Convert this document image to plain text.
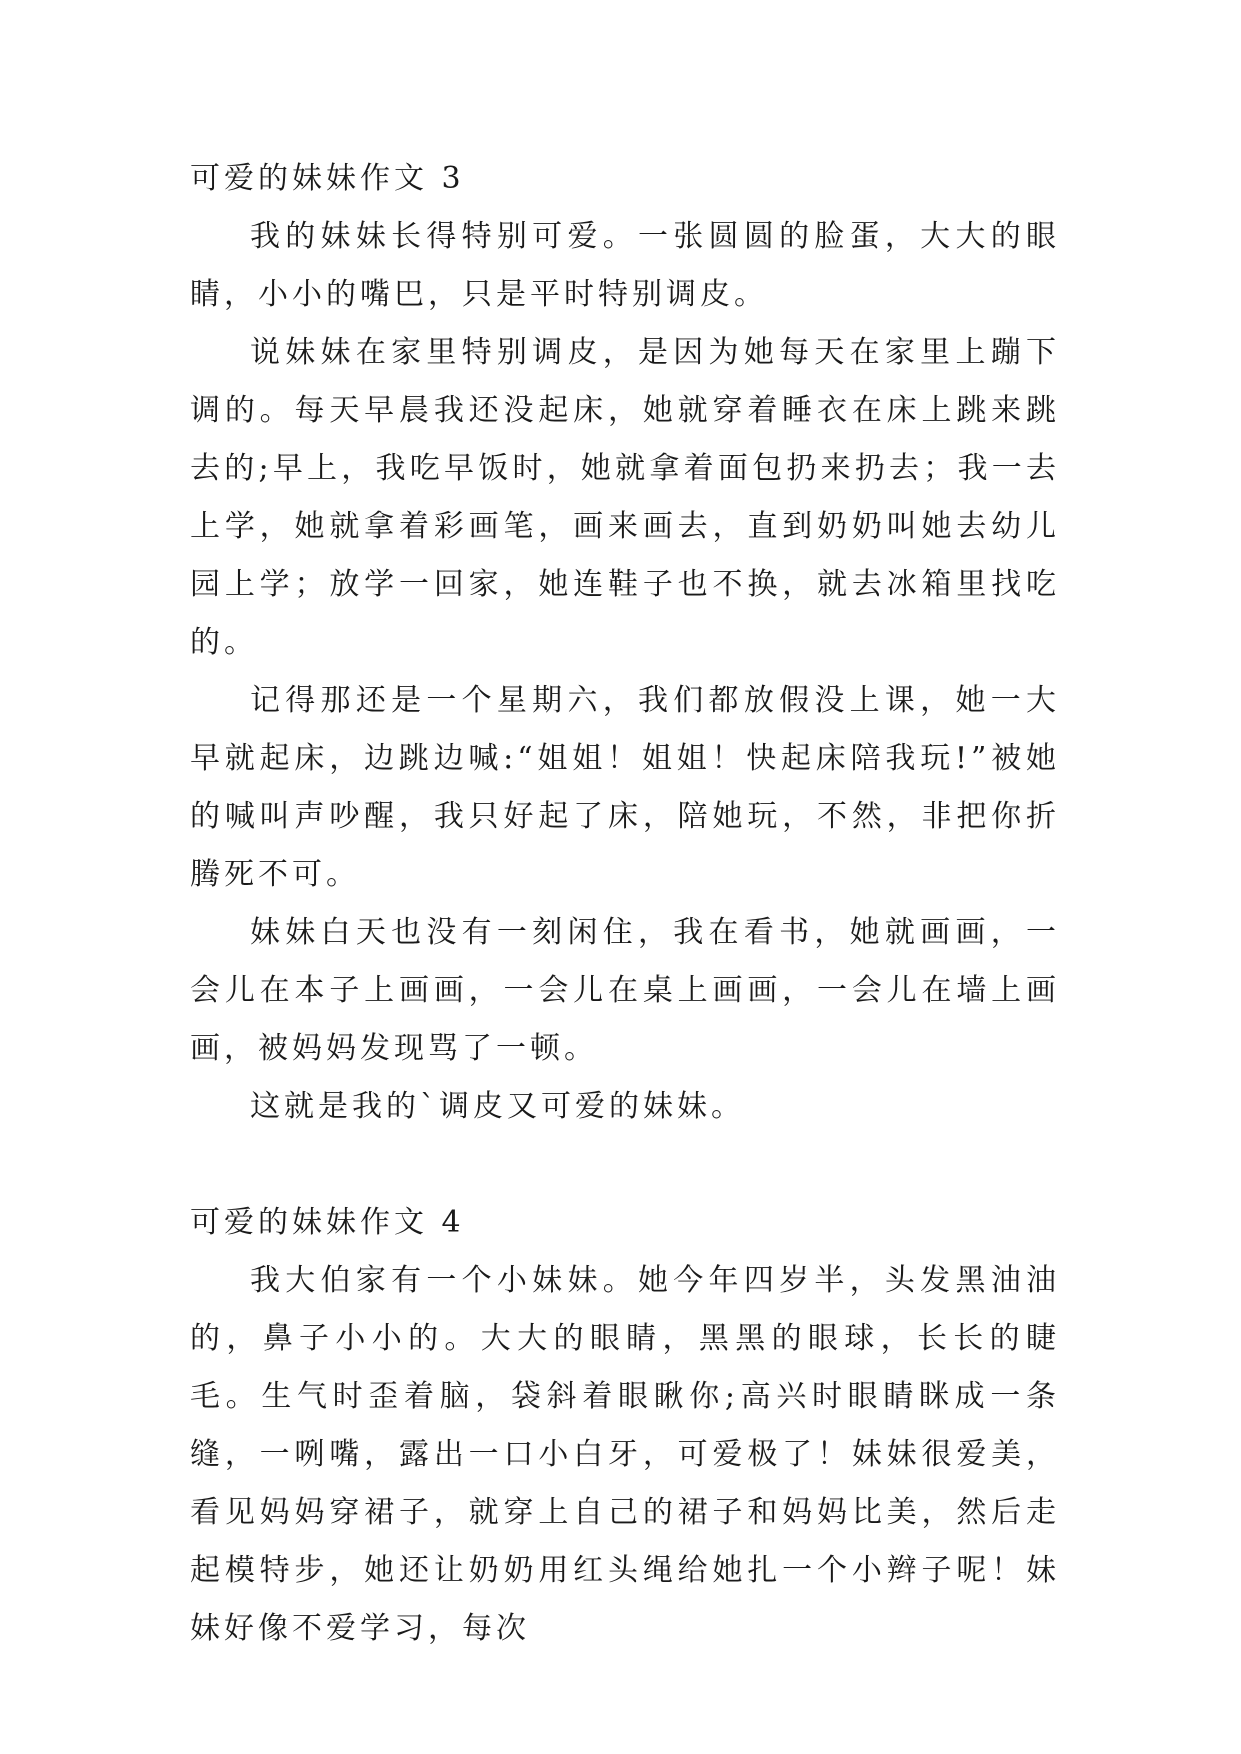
可爱的妹妹作文 3

我的妹妹长得特别可爱。一张圆圆的脸蛋，大大的眼睛，小小的嘴巴，只是平时特别调皮。

说妹妹在家里特别调皮，是因为她每天在家里上蹦下调的。每天早晨我还没起床，她就穿着睡衣在床上跳来跳去的;早上，我吃早饭时，她就拿着面包扔来扔去；我一去上学，她就拿着彩画笔，画来画去，直到奶奶叫她去幼儿园上学；放学一回家，她连鞋子也不换，就去冰箱里找吃的。

记得那还是一个星期六，我们都放假没上课，她一大早就起床，边跳边喊:“姐姐！姐姐！快起床陪我玩!”被她的喊叫声吵醒，我只好起了床，陪她玩，不然，非把你折腾死不可。

妹妹白天也没有一刻闲住，我在看书，她就画画，一会儿在本子上画画，一会儿在桌上画画，一会儿在墙上画画，被妈妈发现骂了一顿。

这就是我的`调皮又可爱的妹妹。

可爱的妹妹作文 4

我大伯家有一个小妹妹。她今年四岁半，头发黑油油的，鼻子小小的。大大的眼睛，黑黑的眼球，长长的睫毛。生气时歪着脑，袋斜着眼瞅你;高兴时眼睛眯成一条缝，一咧嘴，露出一口小白牙，可爱极了！妹妹很爱美，看见妈妈穿裙子，就穿上自己的裙子和妈妈比美，然后走起模特步，她还让奶奶用红头绳给她扎一个小辫子呢！妹妹好像不爱学习，每次
